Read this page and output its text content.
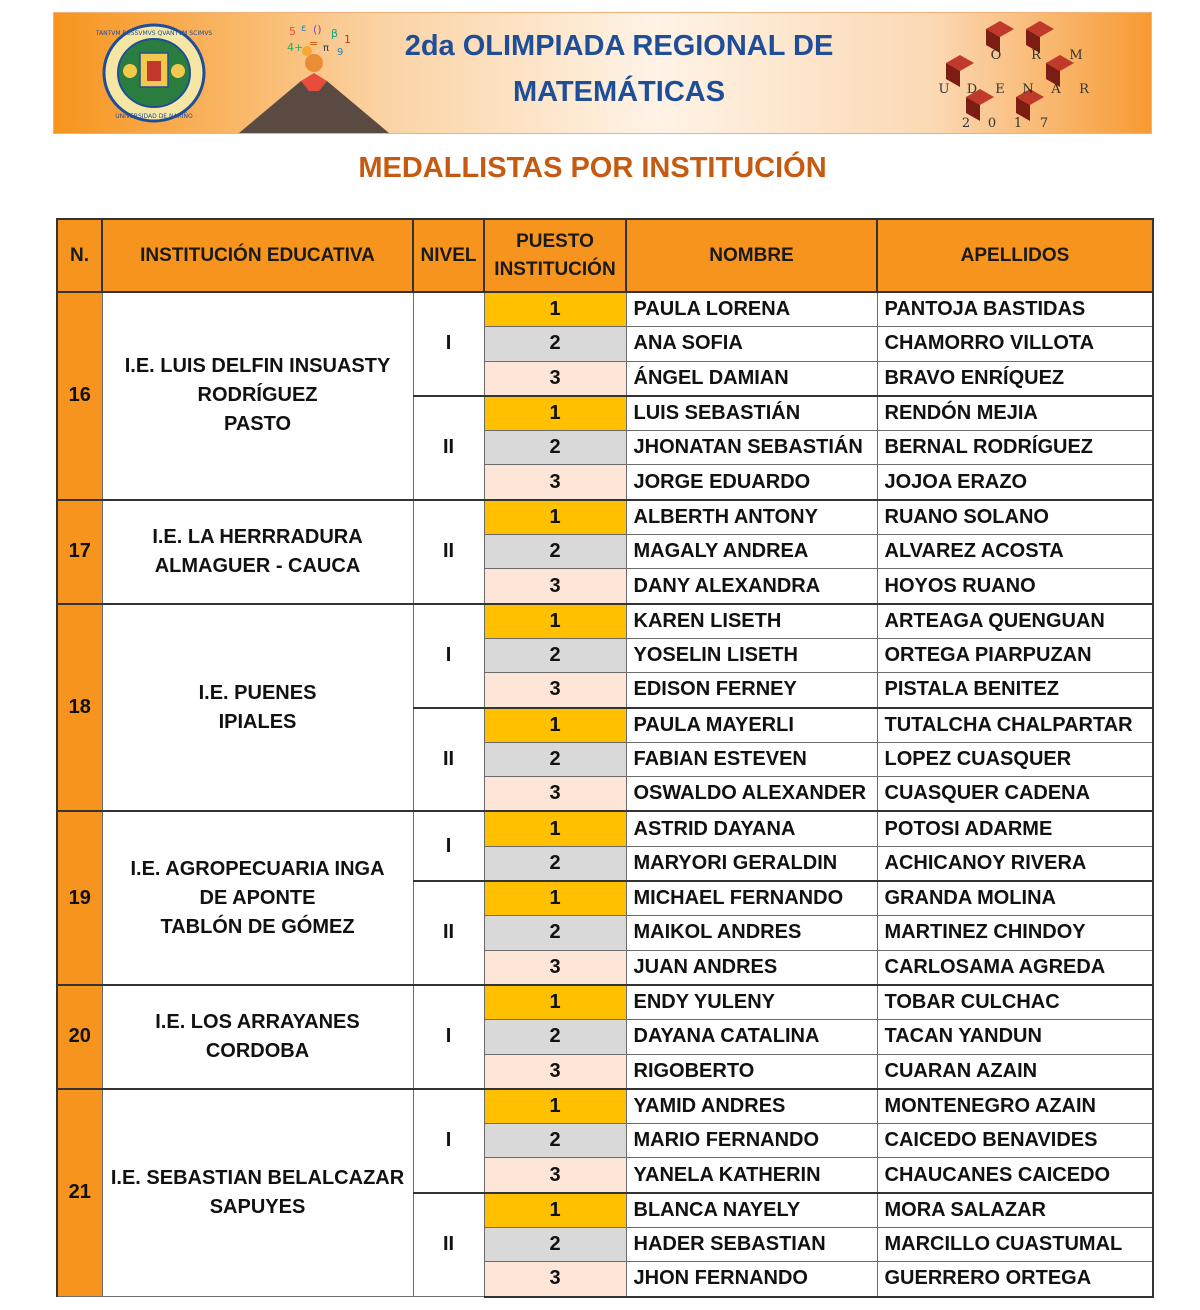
TANTVM POSSVMVS QVANTVM SCIMVS
UNIVERSIDAD DE NARIÑO
5 ε () β 1
4+ = π 9	2da OLIMPIADA REGIONAL DE
MATEMÁTICAS
O R M
U D E N A R
2 0 1 7
MEDALLISTAS POR INSTITUCIÓN
N.	INSTITUCIÓN EDUCATIVA	NIVEL	PUESTO
INSTITUCIÓN	NOMBRE	APELLIDOS
16	I.E. LUIS DELFIN INSUASTY
RODRÍGUEZ
PASTO	I	1	PAULA LORENA	PANTOJA BASTIDAS
			2	ANA SOFIA	CHAMORRO VILLOTA
			3	ÁNGEL DAMIAN	BRAVO ENRÍQUEZ
		II	1	LUIS SEBASTIÁN	RENDÓN MEJIA
			2	JHONATAN SEBASTIÁN	BERNAL RODRÍGUEZ
			3	JORGE EDUARDO	JOJOA ERAZO
17	I.E. LA HERRRADURA
ALMAGUER - CAUCA	II	1	ALBERTH ANTONY	RUANO SOLANO
			2	MAGALY ANDREA	ALVAREZ ACOSTA
			3	DANY ALEXANDRA	HOYOS RUANO
18	I.E. PUENES
IPIALES	I	1	KAREN LISETH	ARTEAGA QUENGUAN
			2	YOSELIN LISETH	ORTEGA PIARPUZAN
			3	EDISON FERNEY	PISTALA BENITEZ
		II	1	PAULA MAYERLI	TUTALCHA CHALPARTAR
			2	FABIAN ESTEVEN	LOPEZ CUASQUER
			3	OSWALDO ALEXANDER	CUASQUER CADENA
19	I.E. AGROPECUARIA INGA
DE APONTE
TABLÓN DE GÓMEZ	I	1	ASTRID DAYANA	POTOSI ADARME
			2	MARYORI GERALDIN	ACHICANOY RIVERA
		II	1	MICHAEL FERNANDO	GRANDA MOLINA
			2	MAIKOL ANDRES	MARTINEZ CHINDOY
			3	JUAN ANDRES	CARLOSAMA AGREDA
20	I.E. LOS ARRAYANES
CORDOBA	I	1	ENDY YULENY	TOBAR CULCHAC
			2	DAYANA CATALINA	TACAN YANDUN
			3	RIGOBERTO	CUARAN AZAIN
21	I.E. SEBASTIAN BELALCAZAR
SAPUYES	I	1	YAMID ANDRES	MONTENEGRO AZAIN
			2	MARIO FERNANDO	CAICEDO BENAVIDES
			3	YANELA KATHERIN	CHAUCANES CAICEDO
		II	1	BLANCA NAYELY	MORA SALAZAR
			2	HADER SEBASTIAN	MARCILLO CUASTUMAL
			3	JHON FERNANDO	GUERRERO ORTEGA
